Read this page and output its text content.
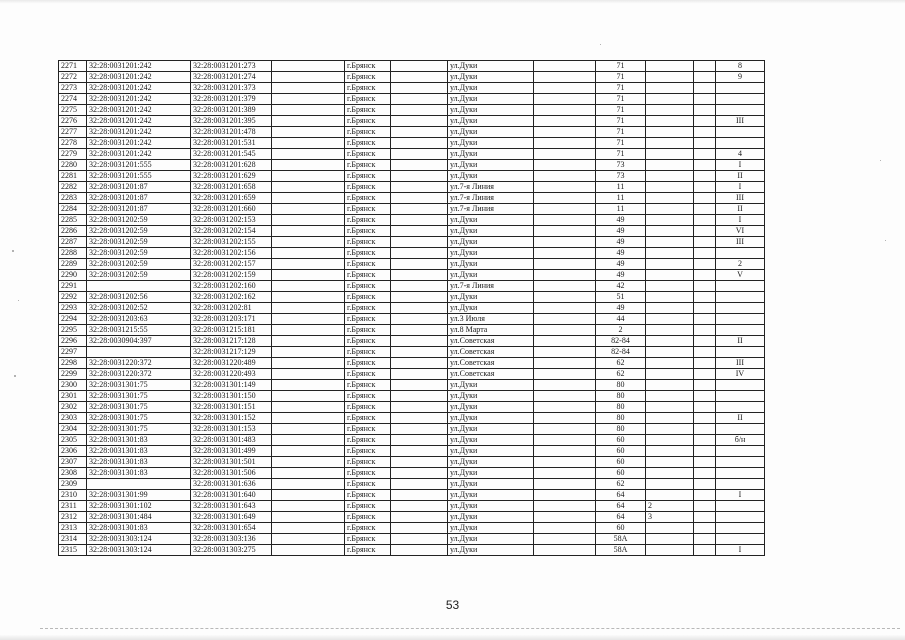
2271	32:28:0031201:242	32:28:0031201:273		г.Брянск		ул.Дуки		71			8
2272	32:28:0031201:242	32:28:0031201:274		г.Брянск		ул.Дуки		71			9
2273	32:28:0031201:242	32:28:0031201:373		г.Брянск		ул.Дуки		71			
2274	32:28:0031201:242	32:28:0031201:379		г.Брянск		ул.Дуки		71			
2275	32:28:0031201:242	32:28:0031201:389		г.Брянск		ул.Дуки		71			
2276	32:28:0031201:242	32:28:0031201:395		г.Брянск		ул.Дуки		71			III
2277	32:28:0031201:242	32:28:0031201:478		г.Брянск		ул.Дуки		71			
2278	32:28:0031201:242	32:28:0031201:531		г.Брянск		ул.Дуки		71			
2279	32:28:0031201:242	32:28:0031201:545		г.Брянск		ул.Дуки		71			4
2280	32:28:0031201:555	32:28:0031201:628		г.Брянск		ул.Дуки		73			I
2281	32:28:0031201:555	32:28:0031201:629		г.Брянск		ул.Дуки		73			II
2282	32:28:0031201:87	32:28:0031201:658		г.Брянск		ул.7-я Линия		11			I
2283	32:28:0031201:87	32:28:0031201:659		г.Брянск		ул.7-я Линия		11			III
2284	32:28:0031201:87	32:28:0031201:660		г.Брянск		ул.7-я Линия		11			II
2285	32:28:0031202:59	32:28:0031202:153		г.Брянск		ул.Дуки		49			I
2286	32:28:0031202:59	32:28:0031202:154		г.Брянск		ул.Дуки		49			VI
2287	32:28:0031202:59	32:28:0031202:155		г.Брянск		ул.Дуки		49			III
2288	32:28:0031202:59	32:28:0031202:156		г.Брянск		ул.Дуки		49			
2289	32:28:0031202:59	32:28:0031202:157		г.Брянск		ул.Дуки		49			2
2290	32:28:0031202:59	32:28:0031202:159		г.Брянск		ул.Дуки		49			V
2291		32:28:0031202:160		г.Брянск		ул.7-я Линия		42			
2292	32:28:0031202:56	32:28:0031202:162		г.Брянск		ул.Дуки		51			
2293	32:28:0031202:52	32:28:0031202:81		г.Брянск		ул.Дуки		49			
2294	32:28:0031203:63	32:28:0031203:171		г.Брянск		ул.3 Июля		44			
2295	32:28:0031215:55	32:28:0031215:181		г.Брянск		ул.8 Марта		2			
2296	32:28:0030904:397	32:28:0031217:128		г.Брянск		ул.Советская		82-84			II
2297		32:28:0031217:129		г.Брянск		ул.Советская		82-84			
2298	32:28:0031220:372	32:28:0031220:489		г.Брянск		ул.Советская		62			III
2299	32:28:0031220:372	32:28:0031220:493		г.Брянск		ул.Советская		62			IV
2300	32:28:0031301:75	32:28:0031301:149		г.Брянск		ул.Дуки		80			
2301	32:28:0031301:75	32:28:0031301:150		г.Брянск		ул.Дуки		80			
2302	32:28:0031301:75	32:28:0031301:151		г.Брянск		ул.Дуки		80			
2303	32:28:0031301:75	32:28:0031301:152		г.Брянск		ул.Дуки		80			II
2304	32:28:0031301:75	32:28:0031301:153		г.Брянск		ул.Дуки		80			
2305	32:28:0031301:83	32:28:0031301:483		г.Брянск		ул.Дуки		60			б/н
2306	32:28:0031301:83	32:28:0031301:499		г.Брянск		ул.Дуки		60			
2307	32:28:0031301:83	32:28:0031301:501		г.Брянск		ул.Дуки		60			
2308	32:28:0031301:83	32:28:0031301:506		г.Брянск		ул.Дуки		60			
2309		32:28:0031301:636		г.Брянск		ул.Дуки		62			
2310	32:28:0031301:99	32:28:0031301:640		г.Брянск		ул.Дуки		64			I
2311	32:28:0031301:102	32:28:0031301:643		г.Брянск		ул.Дуки		64	2		
2312	32:28:0031301:484	32:28:0031301:649		г.Брянск		ул.Дуки		64	3		
2313	32:28:0031301:83	32:28:0031301:654		г.Брянск		ул.Дуки		60			
2314	32:28:0031303:124	32:28:0031303:136		г.Брянск		ул.Дуки		58А			
2315	32:28:0031303:124	32:28:0031303:275		г.Брянск		ул.Дуки		58А			I
53
